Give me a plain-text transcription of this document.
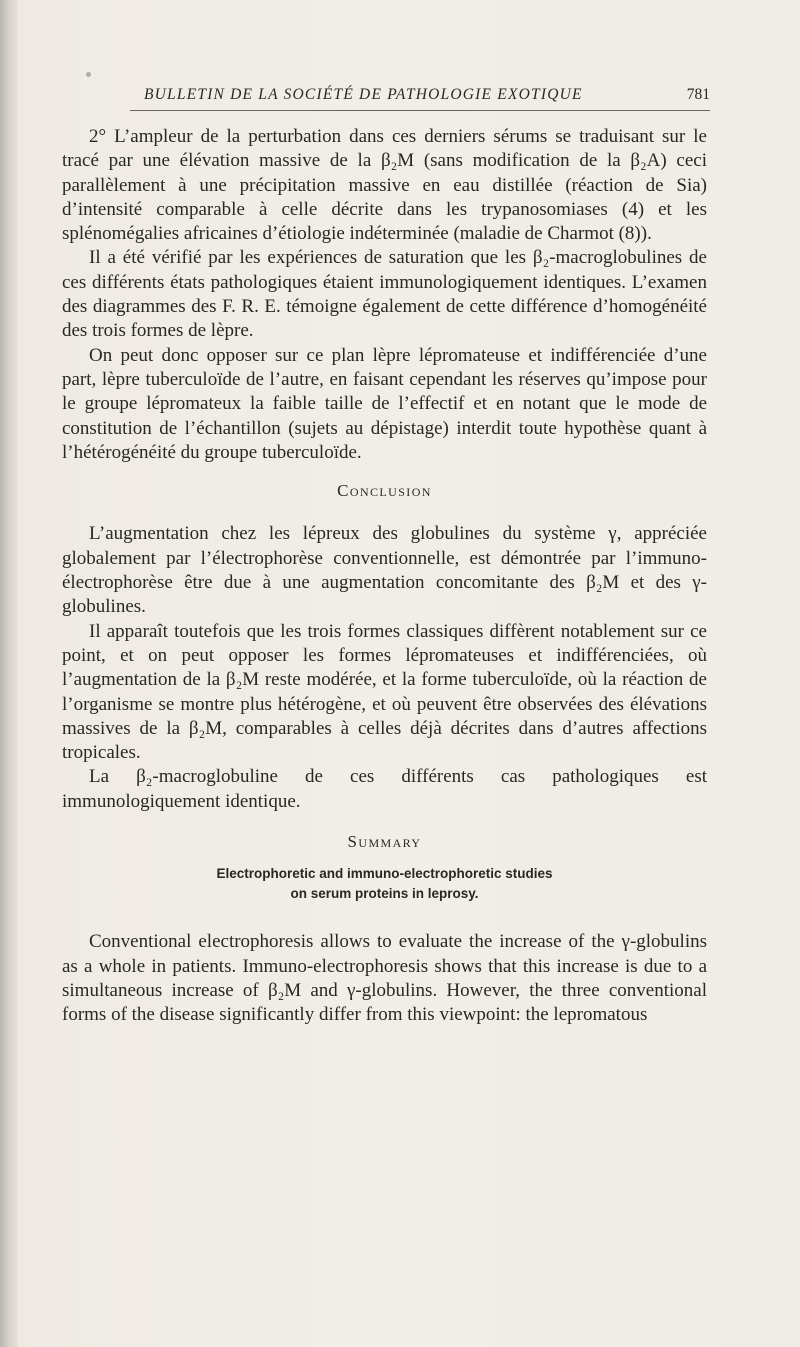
BULLETIN DE LA SOCIÉTÉ DE PATHOLOGIE EXOTIQUE	781

2° L’ampleur de la perturbation dans ces derniers sérums se traduisant sur le tracé par une élévation massive de la β₂M (sans modification de la β₂A) ceci parallèlement à une précipitation massive en eau distillée (réaction de Sia) d’intensité comparable à celle décrite dans les trypanosomiases (4) et les splénomégalies africaines d’étiologie indéterminée (maladie de Charmot (8)).

Il a été vérifié par les expériences de saturation que les β₂-macroglobulines de ces différents états pathologiques étaient immunologiquement identiques. L’examen des diagrammes des F. R. E. témoigne également de cette différence d’homogénéité des trois formes de lèpre.

On peut donc opposer sur ce plan lèpre lépromateuse et indifférenciée d’une part, lèpre tuberculoïde de l’autre, en faisant cependant les réserves qu’impose pour le groupe lépromateux la faible taille de l’effectif et en notant que le mode de constitution de l’échantillon (sujets au dépistage) interdit toute hypothèse quant à l’hétérogénéité du groupe tuberculoïde.

Conclusion

L’augmentation chez les lépreux des globulines du système γ, appréciée globalement par l’électrophorèse conventionnelle, est démontrée par l’immuno-électrophorèse être due à une augmentation concomitante des β₂M et des γ-globulines.

Il apparaît toutefois que les trois formes classiques diffèrent notablement sur ce point, et on peut opposer les formes lépromateuses et indifférenciées, où l’augmentation de la β₂M reste modérée, et la forme tuberculoïde, où la réaction de l’organisme se montre plus hétérogène, et où peuvent être observées des élévations massives de la β₂M, comparables à celles déjà décrites dans d’autres affections tropicales.

La β₂-macroglobuline de ces différents cas pathologiques est immunologiquement identique.

Summary
Electrophoretic and immuno-electrophoretic studies
on serum proteins in leprosy.

Conventional electrophoresis allows to evaluate the increase of the γ-globulins as a whole in patients. Immuno-electrophoresis shows that this increase is due to a simultaneous increase of β₂M and γ-globulins. However, the three conventional forms of the disease significantly differ from this viewpoint: the lepromatous
